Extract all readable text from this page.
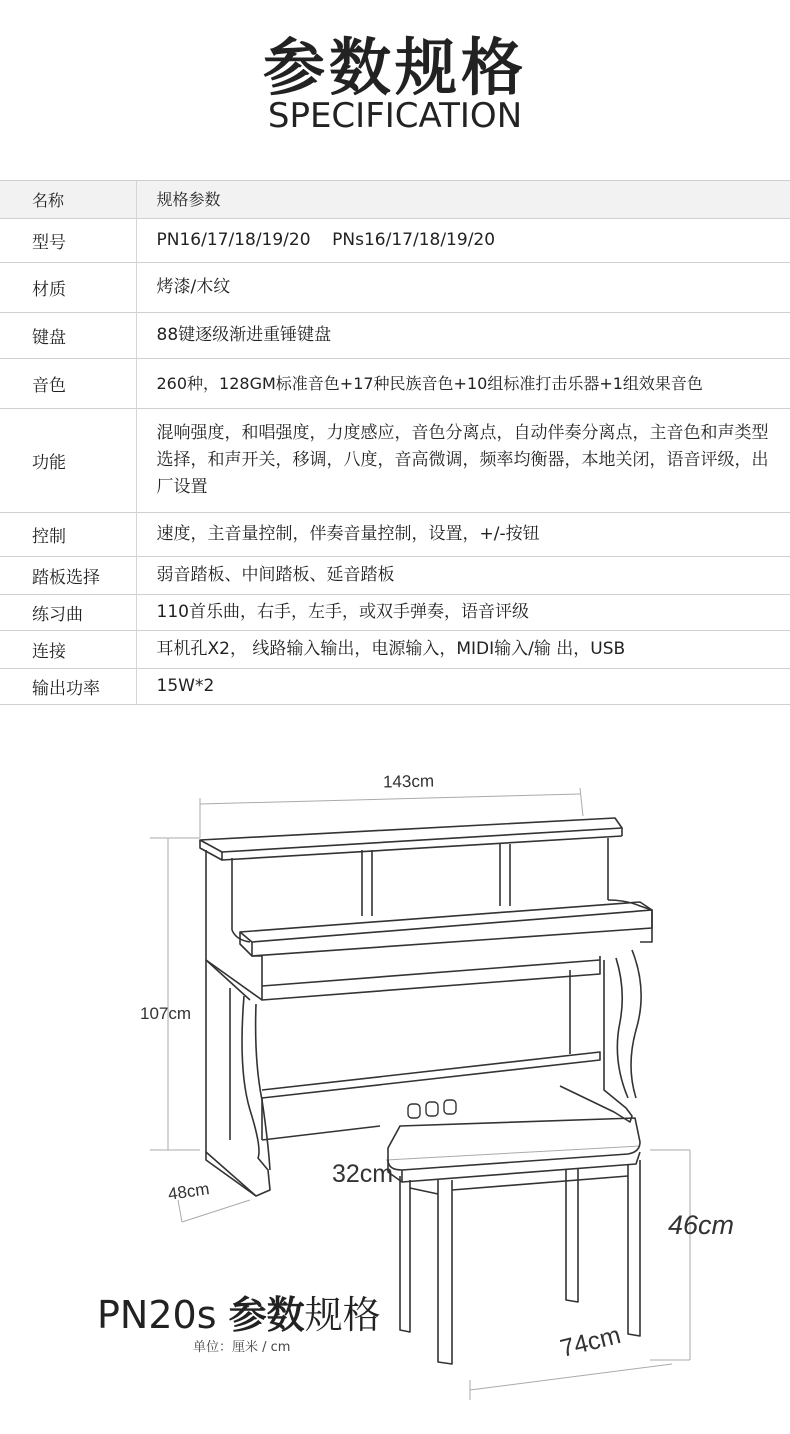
参数规格
SPECIFICATION
名称	规格参数
型号	PN16/17/18/19/20    PNs16/17/18/19/20
材质	烤漆/木纹
键盘	88键逐级渐进重锤键盘
音色	260种，128GM标准音色+17种民族音色+10组标准打击乐器+1组效果音色
功能	混响强度，和唱强度，力度感应，音色分离点，自动伴奏分离点，主音色和声类型选择，和声开关，移调，八度，音高微调，频率均衡器，本地关闭，语音评级，出厂设置
控制	速度，主音量控制，伴奏音量控制，设置，+/-按钮
踏板选择	弱音踏板、中间踏板、延音踏板
练习曲	110首乐曲，右手，左手，或双手弹奏，语音评级
连接	耳机孔X2， 线路输入输出，电源输入，MIDI输入/输 出，USB
输出功率	15W*2
143cm
107cm
48cm
32cm
46cm
74cm
PN20s 参数规格
单位：厘米 / cm
